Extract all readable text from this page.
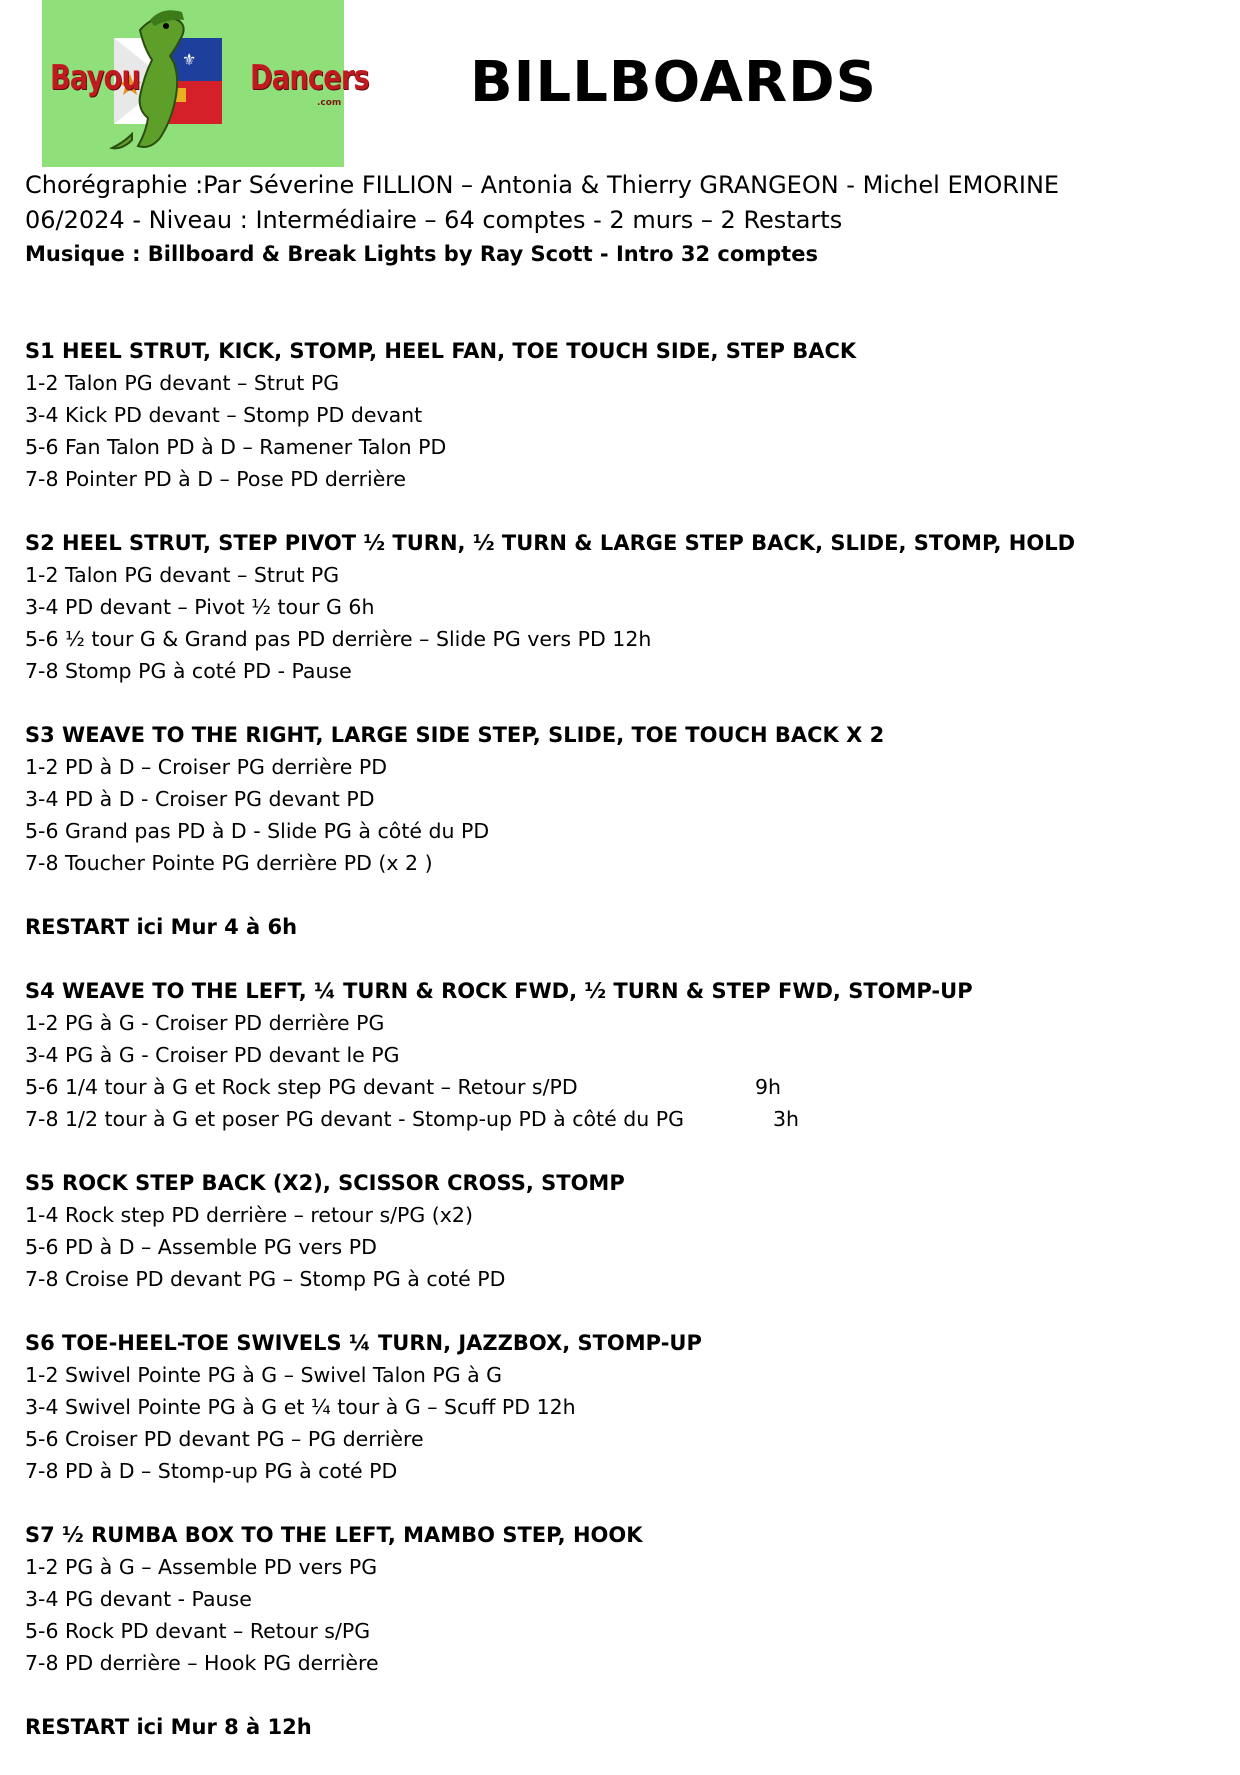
⚜
Bayou	Dancers
.com BILLBOARDS
Chorégraphie :Par Séverine FILLION – Antonia & Thierry GRANGEON - Michel EMORINE
06/2024 - Niveau : Intermédiaire – 64 comptes - 2 murs – 2 Restarts
Musique : Billboard & Break Lights by Ray Scott - Intro 32 comptes
S1 HEEL STRUT, KICK, STOMP, HEEL FAN, TOE TOUCH SIDE, STEP BACK
1-2 Talon PG devant – Strut PG
3-4 Kick PD devant – Stomp PD devant
5-6 Fan Talon PD à D – Ramener Talon PD
7-8 Pointer PD à D – Pose PD derrière
S2 HEEL STRUT, STEP PIVOT ½ TURN, ½ TURN & LARGE STEP BACK, SLIDE, STOMP, HOLD
1-2 Talon PG devant – Strut PG
3-4 PD devant – Pivot ½ tour G 6h
5-6 ½ tour G & Grand pas PD derrière – Slide PG vers PD 12h
7-8 Stomp PG à coté PD - Pause
S3 WEAVE TO THE RIGHT, LARGE SIDE STEP, SLIDE, TOE TOUCH BACK X 2
1-2 PD à D – Croiser PG derrière PD
3-4 PD à D - Croiser PG devant PD
5-6 Grand pas PD à D - Slide PG à côté du PD
7-8 Toucher Pointe PG derrière PD (x 2 )
RESTART ici Mur 4 à 6h
S4 WEAVE TO THE LEFT, ¼ TURN & ROCK FWD, ½ TURN & STEP FWD, STOMP-UP
1-2 PG à G - Croiser PD derrière PG
3-4 PG à G - Croiser PD devant le PG
5-6 1/4 tour à G et Rock step PG devant – Retour s/PD	9h
7-8 1/2 tour à G et poser PG devant - Stomp-up PD à côté du PG	3h
S5 ROCK STEP BACK (X2), SCISSOR CROSS, STOMP
1-4 Rock step PD derrière – retour s/PG (x2)
5-6 PD à D – Assemble PG vers PD
7-8 Croise PD devant PG – Stomp PG à coté PD
S6 TOE-HEEL-TOE SWIVELS ¼ TURN, JAZZBOX, STOMP-UP
1-2 Swivel Pointe PG à G – Swivel Talon PG à G
3-4 Swivel Pointe PG à G et ¼ tour à G – Scuff PD 12h
5-6 Croiser PD devant PG – PG derrière
7-8 PD à D – Stomp-up PG à coté PD
S7 ½ RUMBA BOX TO THE LEFT, MAMBO STEP, HOOK
1-2 PG à G – Assemble PD vers PG
3-4 PG devant - Pause
5-6 Rock PD devant – Retour s/PG
7-8 PD derrière – Hook PG derrière
RESTART ici Mur 8 à 12h
